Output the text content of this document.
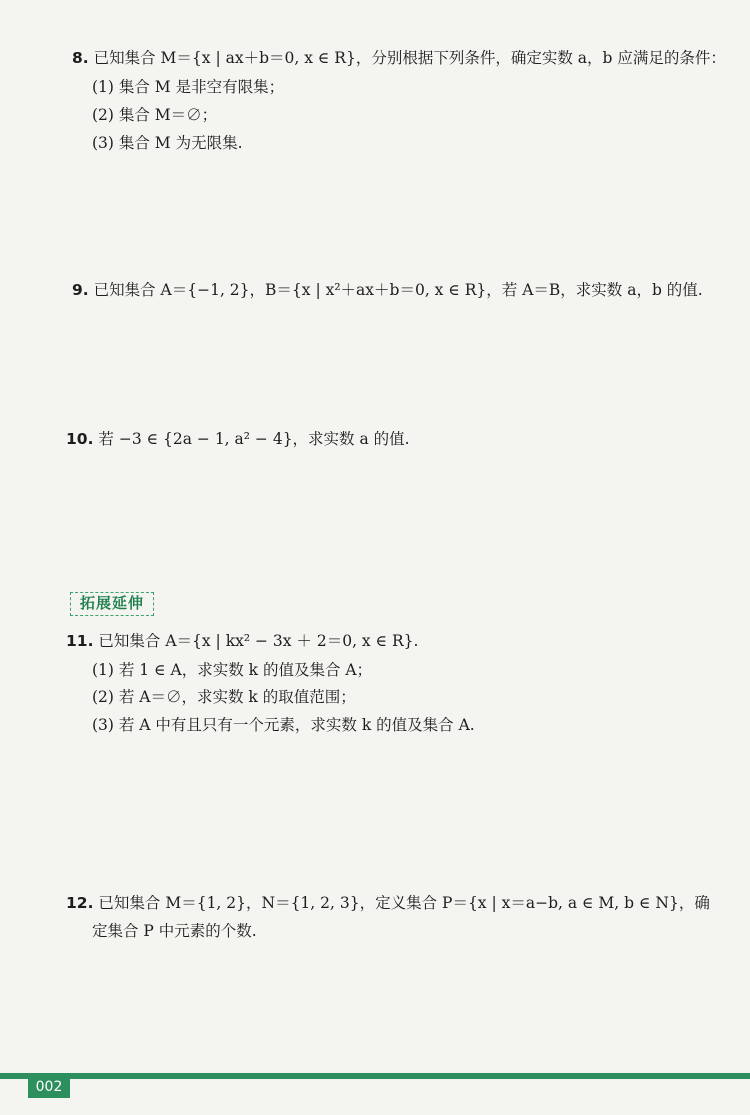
8. 已知集合 M＝{x | ax＋b＝0, x ∈ R}，分别根据下列条件，确定实数 a，b 应满足的条件：
(1) 集合 M 是非空有限集；
(2) 集合 M＝∅；
(3) 集合 M 为无限集.
9. 已知集合 A＝{−1, 2}，B＝{x | x²＋ax＋b＝0, x ∈ R}，若 A＝B，求实数 a，b 的值.
10. 若 −3 ∈ {2a − 1, a² − 4}，求实数 a 的值.
拓展延伸
11. 已知集合 A＝{x | kx² − 3x ＋ 2＝0, x ∈ R}.
(1) 若 1 ∈ A，求实数 k 的值及集合 A；
(2) 若 A＝∅，求实数 k 的取值范围；
(3) 若 A 中有且只有一个元素，求实数 k 的值及集合 A.
12. 已知集合 M＝{1, 2}，N＝{1, 2, 3}，定义集合 P＝{x | x＝a−b, a ∈ M, b ∈ N}，确
定集合 P 中元素的个数.
002
